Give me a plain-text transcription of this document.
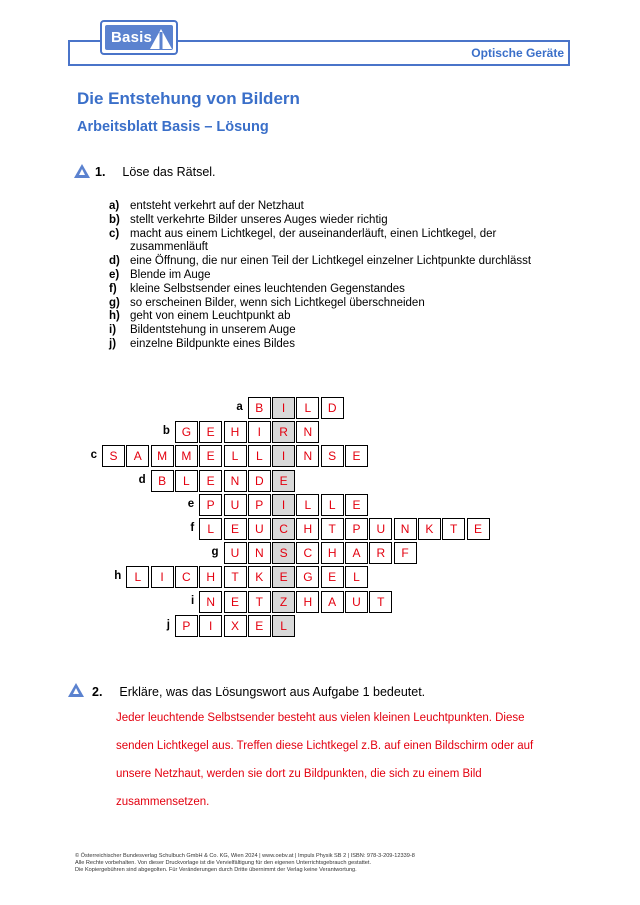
Basis
Optische Geräte
Die Entstehung von Bildern
Arbeitsblatt Basis – Lösung
1. Löse das Rätsel.
a) entsteht verkehrt auf der Netzhaut
b) stellt verkehrte Bilder unseres Auges wieder richtig
c) macht aus einem Lichtkegel, der auseinanderläuft, einen Lichtkegel, der zusammenläuft
d) eine Öffnung, die nur einen Teil der Lichtkegel einzelner Lichtpunkte durchlässt
e) Blende im Auge
f)	kleine Selbstsender eines leuchtenden Gegenstandes
g) so erscheinen Bilder, wenn sich Lichtkegel überschneiden
h) geht von einem Leuchtpunkt ab
i)	Bildentstehung in unserem Auge
j)	einzelne Bildpunkte eines Bildes
a	B	I	L	D
b G	E	H	I	R	N
c	S	A	M	M	E	L	L	I	N	S	E
d	B	L	E	N	D	E
e	P	U	P	I	L	L	E
f	L	E	U	C	H	T	P	U	N	K	T	E
g	U	N	S	C	H	A	R	F
h	L	I	C	H	T	K	E	G	E	L
i	N	E	T	Z	H	A	U	T
j	P	I	X	E	L
2. Erkläre, was das Lösungswort aus Aufgabe 1 bedeutet.
Jeder leuchtende Selbstsender besteht aus vielen kleinen Leuchtpunkten. Diese
senden Lichtkegel aus. Treffen diese Lichtkegel z.B. auf einen Bildschirm oder auf
unsere Netzhaut, werden sie dort zu Bildpunkten, die sich zu einem Bild
zusammensetzen.
© Österreichischer Bundesverlag Schulbuch GmbH & Co. KG, Wien 2024 | www.oebv.at | Impuls Physik SB 2 | ISBN: 978-3-209-12339-8
Alle Rechte vorbehalten. Von dieser Druckvorlage ist die Vervielfältigung für den eigenen Unterrichtsgebrauch gestattet.
Die Kopiergebühren sind abgegolten. Für Veränderungen durch Dritte übernimmt der Verlag keine Verantwortung.
